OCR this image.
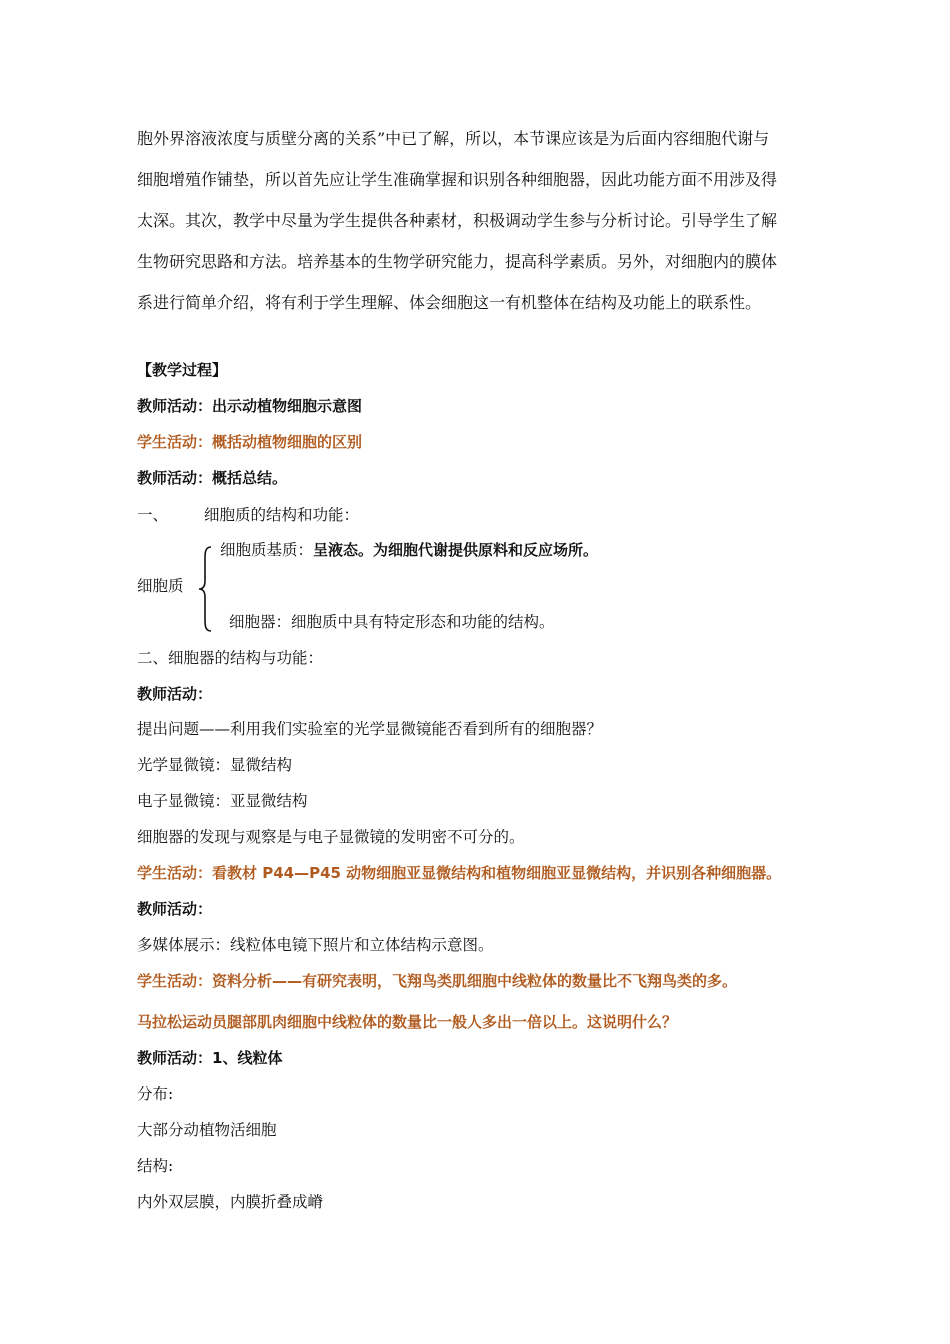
胞外界溶液浓度与质壁分离的关系”中已了解，所以，本节课应该是为后面内容细胞代谢与
细胞增殖作铺垫，所以首先应让学生准确掌握和识别各种细胞器，因此功能方面不用涉及得
太深。其次，教学中尽量为学生提供各种素材，积极调动学生参与分析讨论。引导学生了解
生物研究思路和方法。培养基本的生物学研究能力，提高科学素质。另外，对细胞内的膜体
系进行简单介绍，将有利于学生理解、体会细胞这一有机整体在结构及功能上的联系性。
【教学过程】
教师活动：出示动植物细胞示意图
学生活动：概括动植物细胞的区别
教师活动：概括总结。
一、 细胞质的结构和功能：
细胞质基质：呈液态。为细胞代谢提供原料和反应场所。
细胞质
细胞器：细胞质中具有特定形态和功能的结构。
二、细胞器的结构与功能：
教师活动：
提出问题——利用我们实验室的光学显微镜能否看到所有的细胞器？
光学显微镜：显微结构
电子显微镜：亚显微结构
细胞器的发现与观察是与电子显微镜的发明密不可分的。
学生活动：看教材 P44—P45 动物细胞亚显微结构和植物细胞亚显微结构，并识别各种细胞器。
教师活动：
多媒体展示：线粒体电镜下照片和立体结构示意图。
学生活动：资料分析——有研究表明，飞翔鸟类肌细胞中线粒体的数量比不飞翔鸟类的多。
马拉松运动员腿部肌肉细胞中线粒体的数量比一般人多出一倍以上。这说明什么？
教师活动：1、线粒体
分布:
大部分动植物活细胞
结构:
内外双层膜，内膜折叠成嵴
